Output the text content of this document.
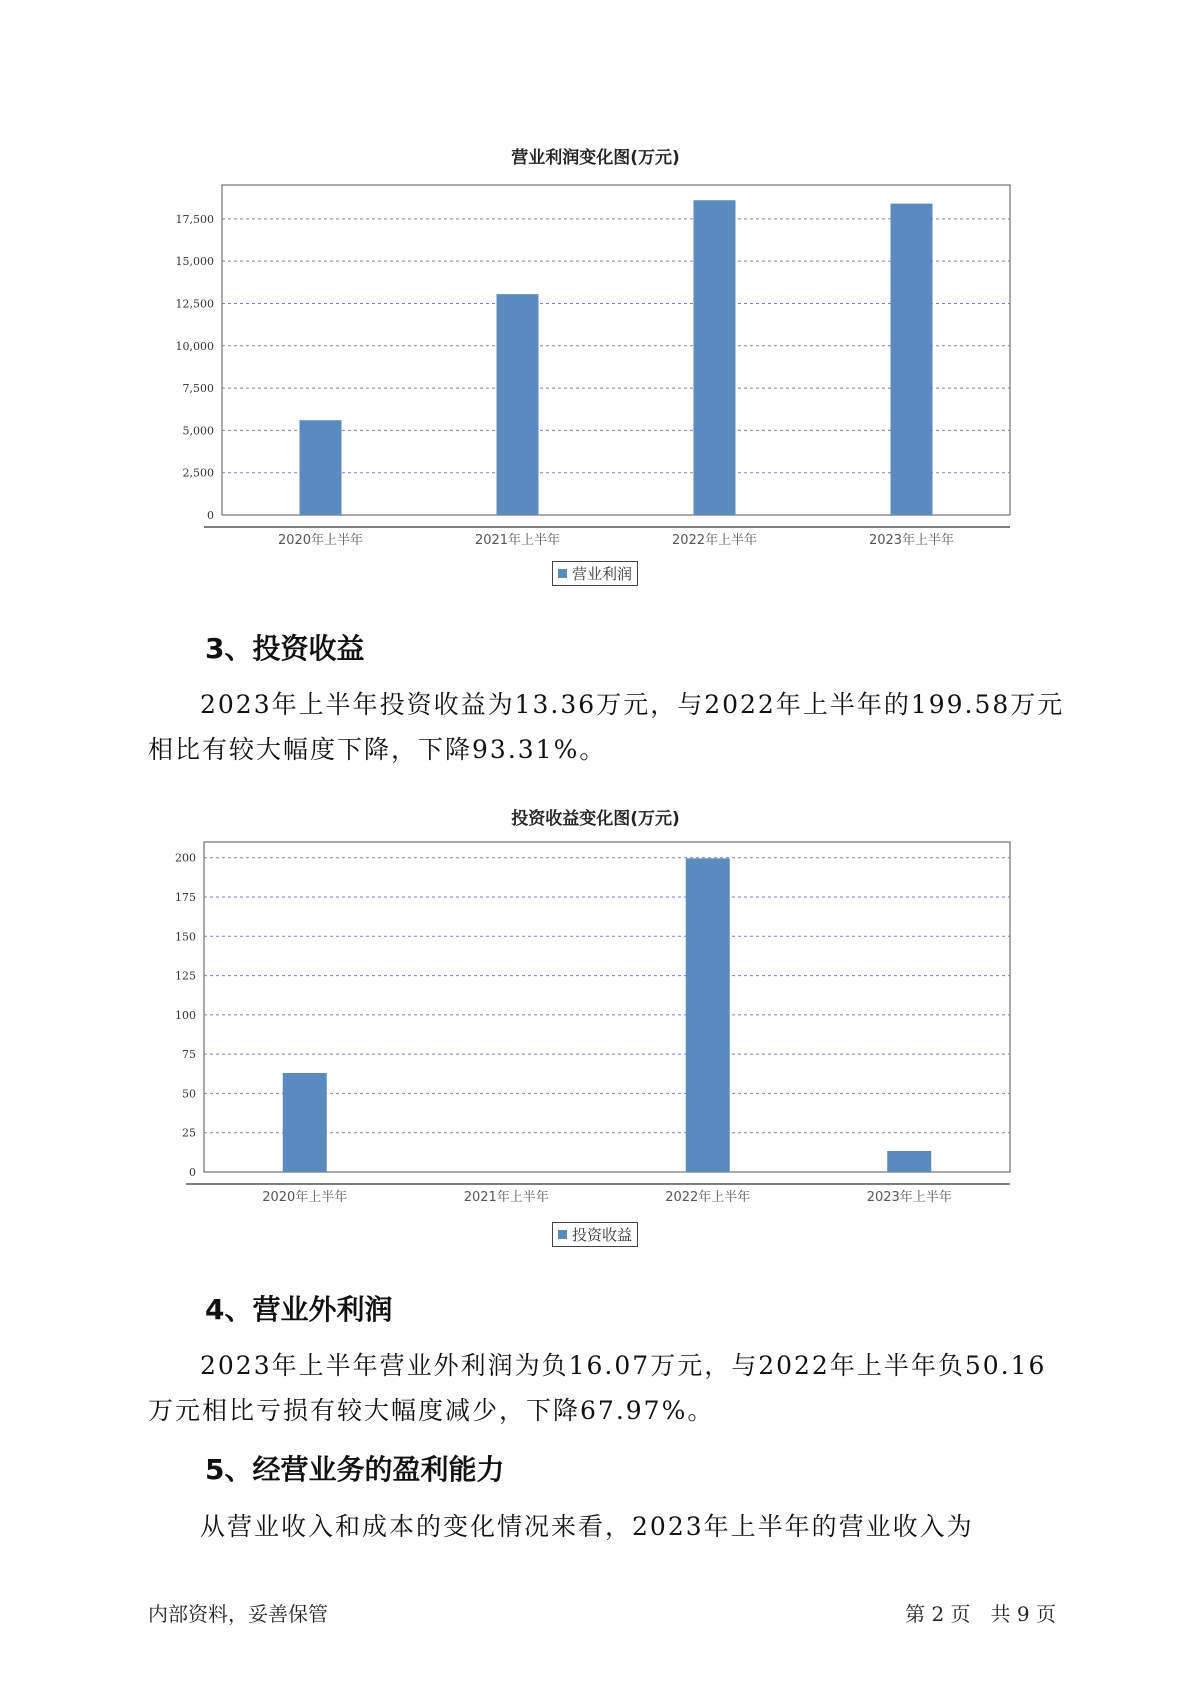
营业利润变化图(万元)
0
2,500
5,000
7,500
10,000
12,500
15,000
17,500
2020年上半年	2021年上半年	2022年上半年	2023年上半年
营业利润
3、投资收益
2023年上半年投资收益为13.36万元，与2022年上半年的199.58万元相比有较大幅度下降，下降93.31%。
投资收益变化图(万元)
0
25
50
75
100
125
150
175
200
2020年上半年	2021年上半年	2022年上半年	2023年上半年
投资收益
4、营业外利润
2023年上半年营业外利润为负16.07万元，与2022年上半年负50.16万元相比亏损有较大幅度减少，下降67.97%。
5、经营业务的盈利能力
从营业收入和成本的变化情况来看，2023年上半年的营业收入为
内部资料，妥善保管	第 2 页　共 9 页
